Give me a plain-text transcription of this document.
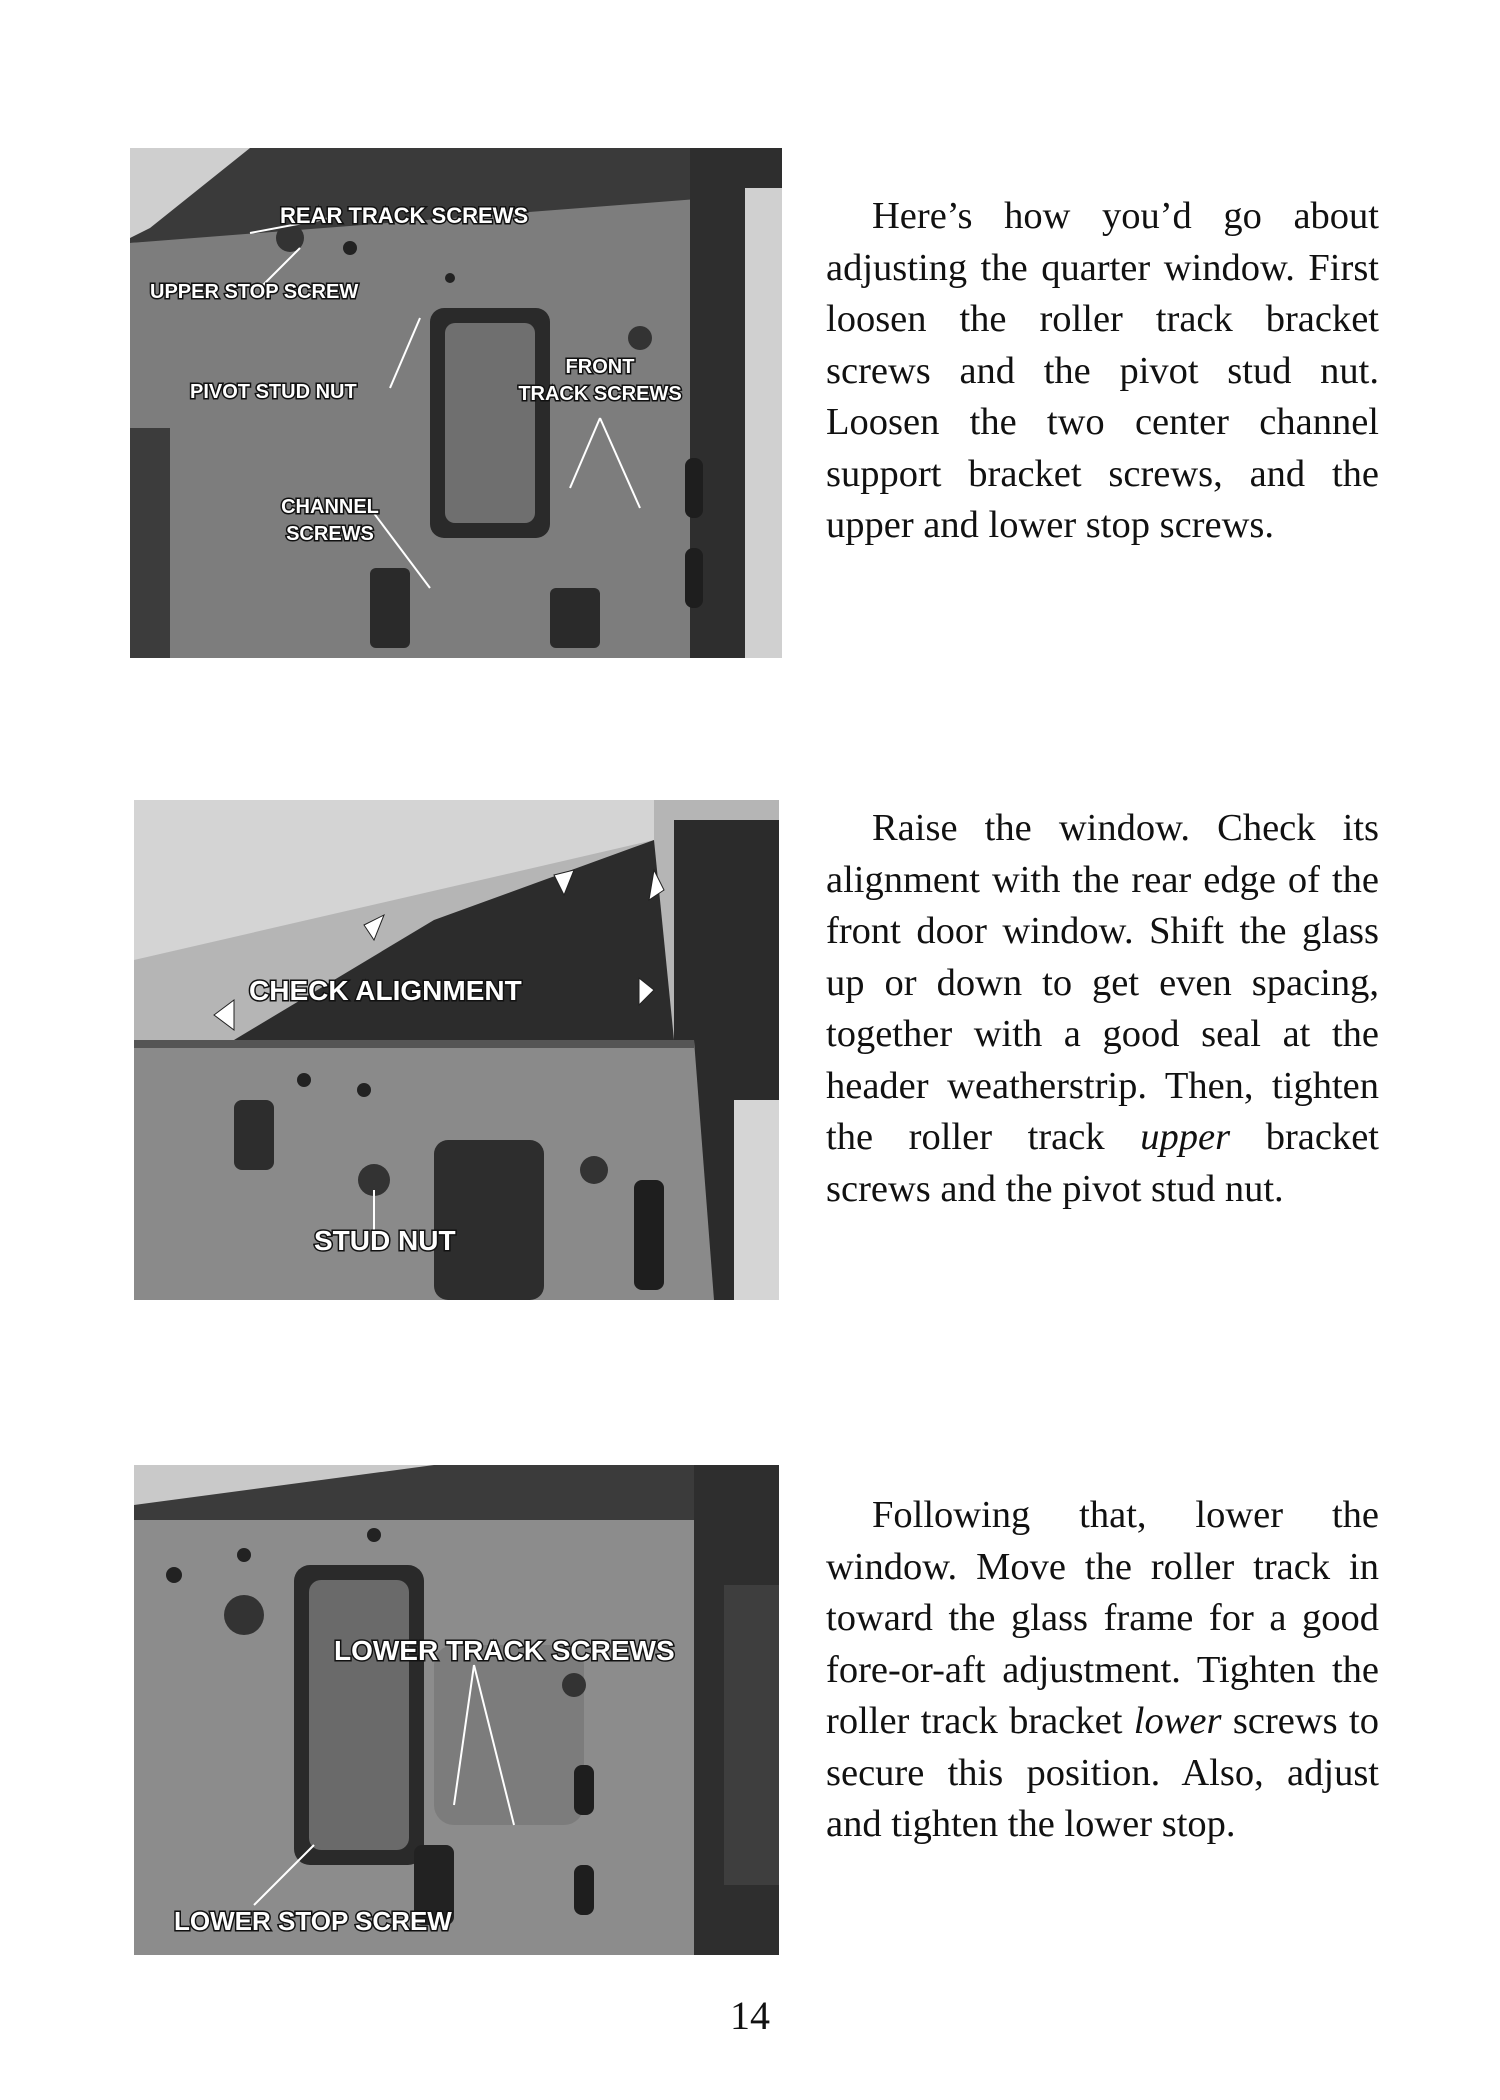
REAR TRACK SCREWS
UPPER STOP SCREW
PIVOT STUD NUT
FRONT
TRACK SCREWS
CHANNEL
SCREWS

Here’s how you’d go about adjusting the quarter window. First loosen the roller track bracket screws and the pivot stud nut. Loosen the two center channel support bracket screws, and the upper and lower stop screws.

CHECK ALIGNMENT
STUD NUT

Raise the window. Check its alignment with the rear edge of the front door window. Shift the glass up or down to get even spacing, together with a good seal at the header weatherstrip. Then, tighten the roller track upper bracket screws and the pivot stud nut.

LOWER TRACK SCREWS
LOWER STOP SCREW

Following that, lower the window. Move the roller track in toward the glass frame for a good fore-or-aft adjustment. Tighten the roller track bracket lower screws to secure this position. Also, adjust and tighten the lower stop.

14
